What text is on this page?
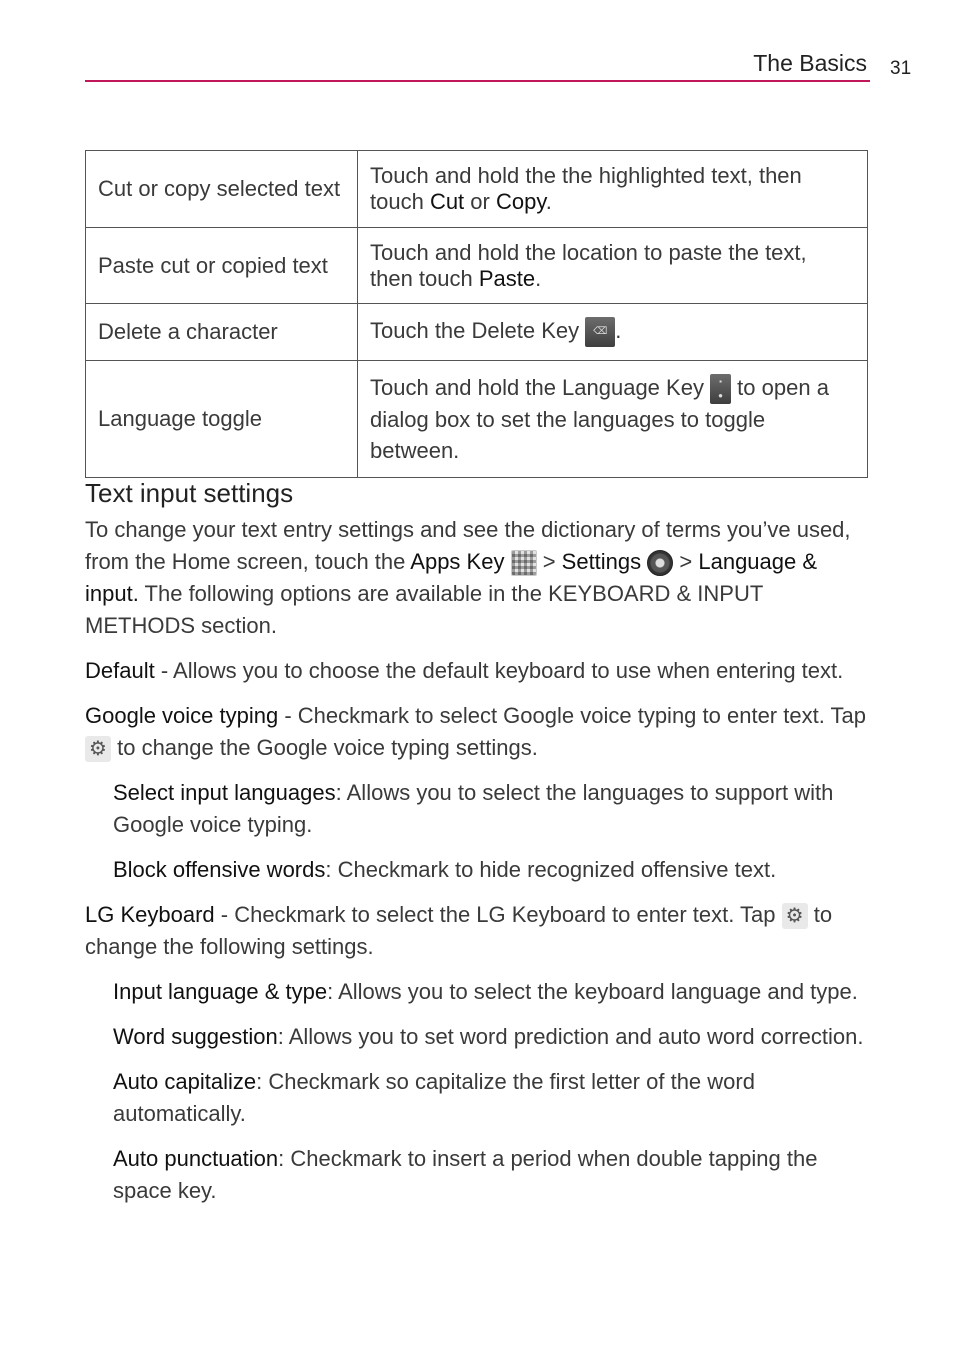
The Basics 31
Cut or copy selected text	Touch and hold the the highlighted text, then touch Cut or Copy.
Paste cut or copied text	Touch and hold the location to paste the text, then touch Paste.
Delete a character	Touch the Delete Key ⌫ .
Language toggle	Touch and hold the Language Key ▪
● to open a dialog box to set the languages to toggle between.
Text input settings

To change your text entry settings and see the dictionary of terms you’ve used, from the Home screen, touch the Apps Key  > Settings  > Language & input. The following options are available in the KEYBOARD & INPUT METHODS section.

Default - Allows you to choose the default keyboard to use when entering text.

Google voice typing - Checkmark to select Google voice typing to enter text. Tap ⚙ to change the Google voice typing settings.

Select input languages: Allows you to select the languages to support with Google voice typing.

Block offensive words: Checkmark to hide recognized offensive text.

LG Keyboard - Checkmark to select the LG Keyboard to enter text. Tap ⚙ to change the following settings.

Input language & type: Allows you to select the keyboard language and type.

Word suggestion: Allows you to set word prediction and auto word correction.

Auto capitalize: Checkmark so capitalize the first letter of the word automatically.

Auto punctuation: Checkmark to insert a period when double tapping the space key.
